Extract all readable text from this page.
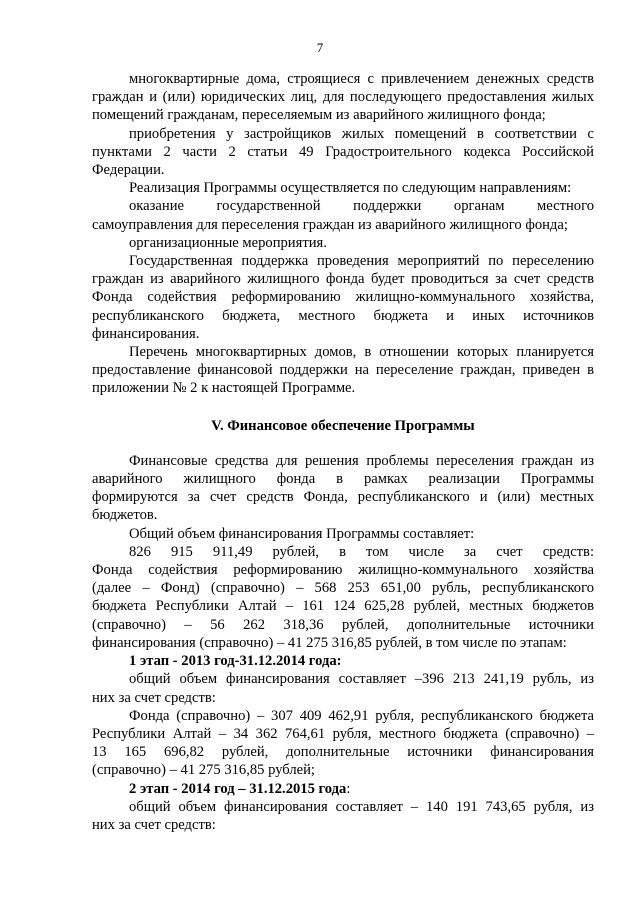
7

многоквартирные дома, строящиеся с привлечением денежных средств

граждан и (или) юридических лиц, для последующего предоставления жилых

помещений гражданам, переселяемым из аварийного жилищного фонда;

приобретения у застройщиков жилых помещений в соответствии с

пунктами 2 части 2 статьи 49 Градостроительного кодекса Российской

Федерации.

Реализация Программы осуществляется по следующим направлениям:

оказание государственной поддержки органам местного

самоуправления для переселения граждан из аварийного жилищного фонда;

организационные мероприятия.

Государственная поддержка проведения мероприятий по переселению

граждан из аварийного жилищного фонда будет проводиться за счет средств

Фонда содействия реформированию жилищно-коммунального хозяйства,

республиканского бюджета, местного бюджета и иных источников

финансирования.

Перечень многоквартирных домов, в отношении которых планируется

предоставление финансовой поддержки на переселение граждан, приведен в

приложении № 2 к настоящей Программе.

V. Финансовое обеспечение Программы

Финансовые средства для решения проблемы переселения граждан из

аварийного жилищного фонда в рамках реализации Программы

формируются за счет средств Фонда, республиканского и (или) местных

бюджетов.

Общий объем финансирования Программы составляет:

826 915 911,49 рублей, в том числе за счет средств:

Фонда содействия реформированию жилищно-коммунального хозяйства

(далее – Фонд) (справочно) – 568 253 651,00 рубль, республиканского

бюджета Республики Алтай – 161 124 625,28 рублей, местных бюджетов

(справочно) – 56 262 318,36 рублей, дополнительные источники

финансирования (справочно) – 41 275 316,85 рублей, в том числе по этапам:

1 этап - 2013 год-31.12.2014 года:

общий объем финансирования составляет –396 213 241,19 рубль, из

них за счет средств:

Фонда (справочно) – 307 409 462,91 рубля, республиканского бюджета

Республики Алтай – 34 362 764,61 рубля, местного бюджета (справочно) –

13 165 696,82 рублей, дополнительные источники финансирования

(справочно) – 41 275 316,85 рублей;

2 этап - 2014 год – 31.12.2015 года:

общий объем финансирования составляет – 140 191 743,65 рубля, из

них за счет средств:
